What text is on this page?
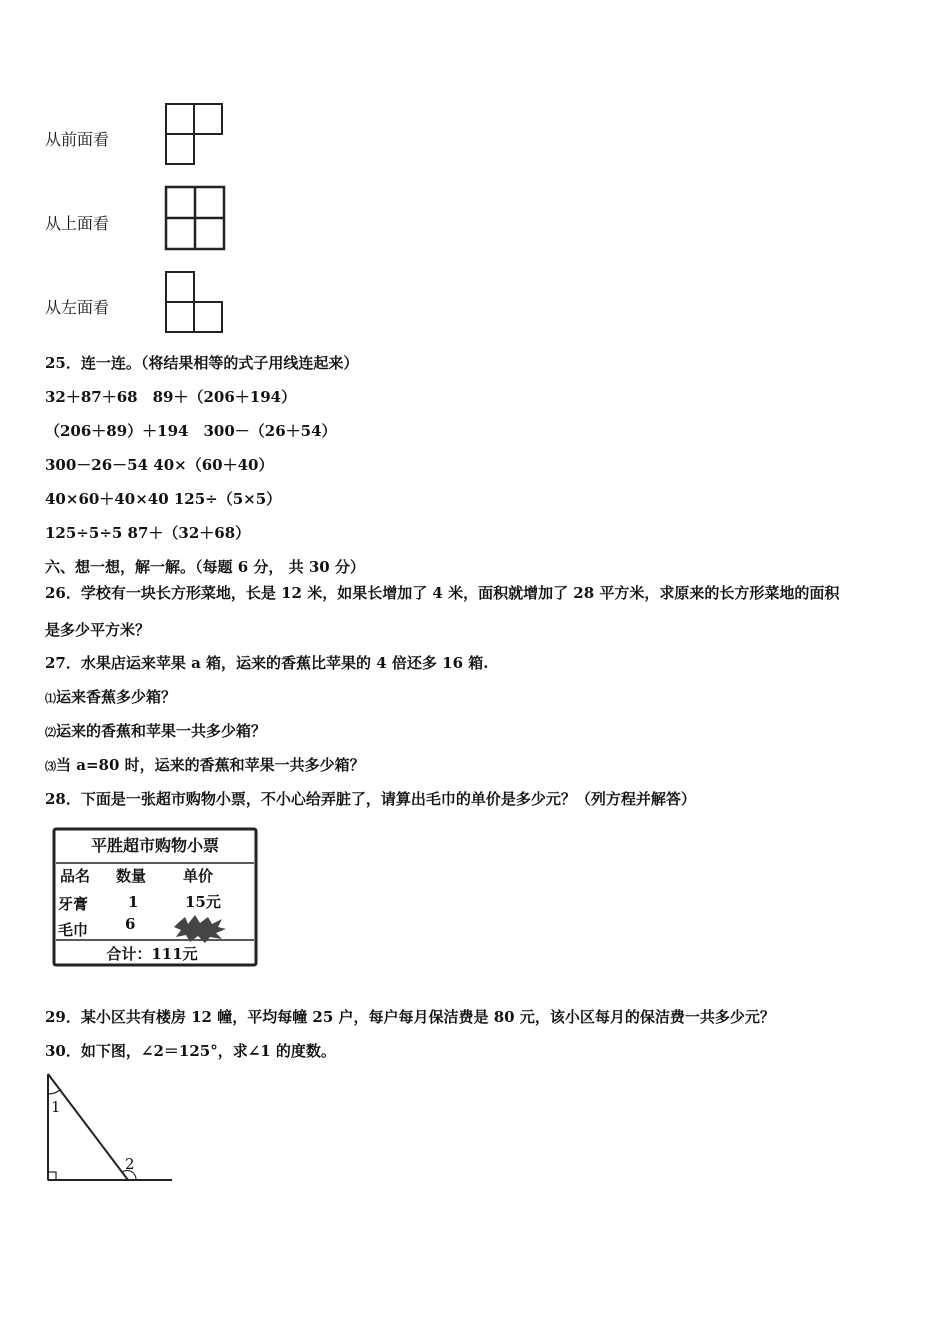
从前面看
从上面看
从左面看
25．连一连。（将结果相等的式子用线连起来）
32＋87＋68　89＋（206＋194）
（206＋89）＋194　300－（26＋54）
300－26－54 40×（60＋40）
40×60＋40×40 125÷（5×5）
125÷5÷5 87＋（32＋68）
六、想一想，解一解。（每题 6 分， 共 30 分）
26．学校有一块长方形菜地，长是 12 米，如果长增加了 4 米，面积就增加了 28 平方米，求原来的长方形菜地的面积
是多少平方米？
27．水果店运来苹果 a 箱，运来的香蕉比苹果的 4 倍还多 16 箱.
⑴运来香蕉多少箱？
⑵运来的香蕉和苹果一共多少箱？
⑶当 a=80 时，运来的香蕉和苹果一共多少箱？
28．下面是一张超市购物小票，不小心给弄脏了，请算出毛巾的单价是多少元？（列方程并解答）
平胜超市购物小票
品名 数量 单价
牙膏	1	15元
毛巾 6
合计：111元
29．某小区共有楼房 12 幢，平均每幢 25 户，每户每月保洁费是 80 元，该小区每月的保洁费一共多少元？
30．如下图，∠2＝125°，求∠1 的度数。
1
2
